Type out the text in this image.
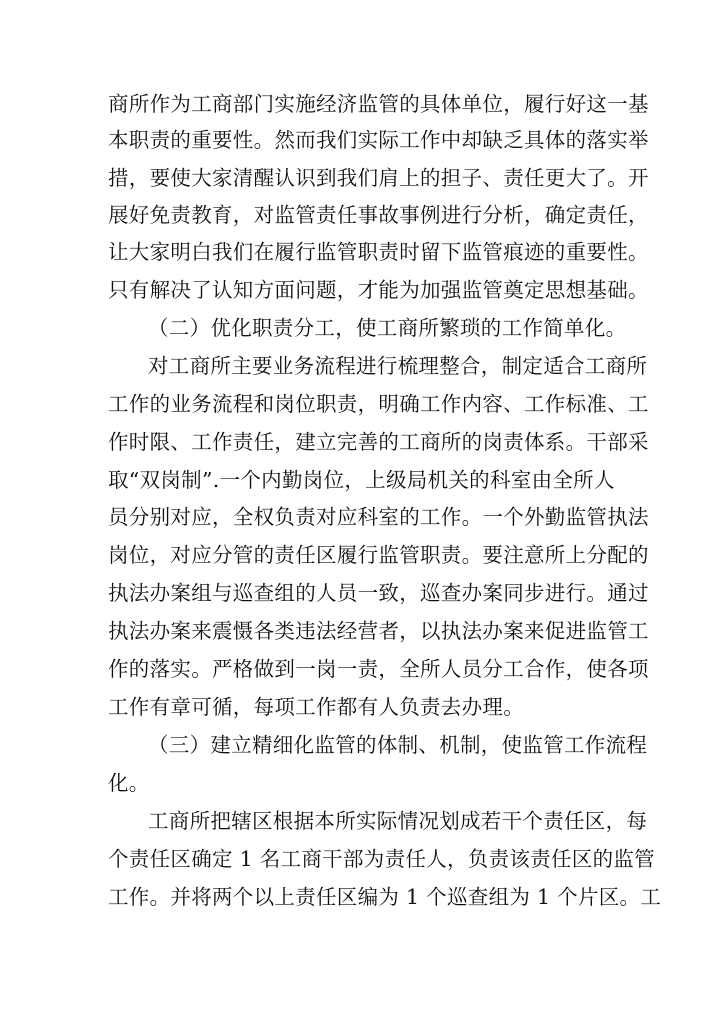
商所作为工商部门实施经济监管的具体单位，履行好这一基
本职责的重要性。然而我们实际工作中却缺乏具体的落实举
措，要使大家清醒认识到我们肩上的担子、责任更大了。开
展好免责教育，对监管责任事故事例进行分析，确定责任，
让大家明白我们在履行监管职责时留下监管痕迹的重要性。
只有解决了认知方面问题，才能为加强监管奠定思想基础。
（二）优化职责分工，使工商所繁琐的工作简单化。
对工商所主要业务流程进行梳理整合，制定适合工商所
工作的业务流程和岗位职责，明确工作内容、工作标准、工
作时限、工作责任，建立完善的工商所的岗责体系。干部采
取“双岗制”.一个内勤岗位，上级局机关的科室由全所人
员分别对应，全权负责对应科室的工作。一个外勤监管执法
岗位，对应分管的责任区履行监管职责。要注意所上分配的
执法办案组与巡查组的人员一致，巡查办案同步进行。通过
执法办案来震慑各类违法经营者，以执法办案来促进监管工
作的落实。严格做到一岗一责，全所人员分工合作，使各项
工作有章可循，每项工作都有人负责去办理。
（三）建立精细化监管的体制、机制，使监管工作流程
化。
工商所把辖区根据本所实际情况划成若干个责任区，每
个责任区确定 1 名工商干部为责任人，负责该责任区的监管
工作。并将两个以上责任区编为 1 个巡查组为 1 个片区。工
